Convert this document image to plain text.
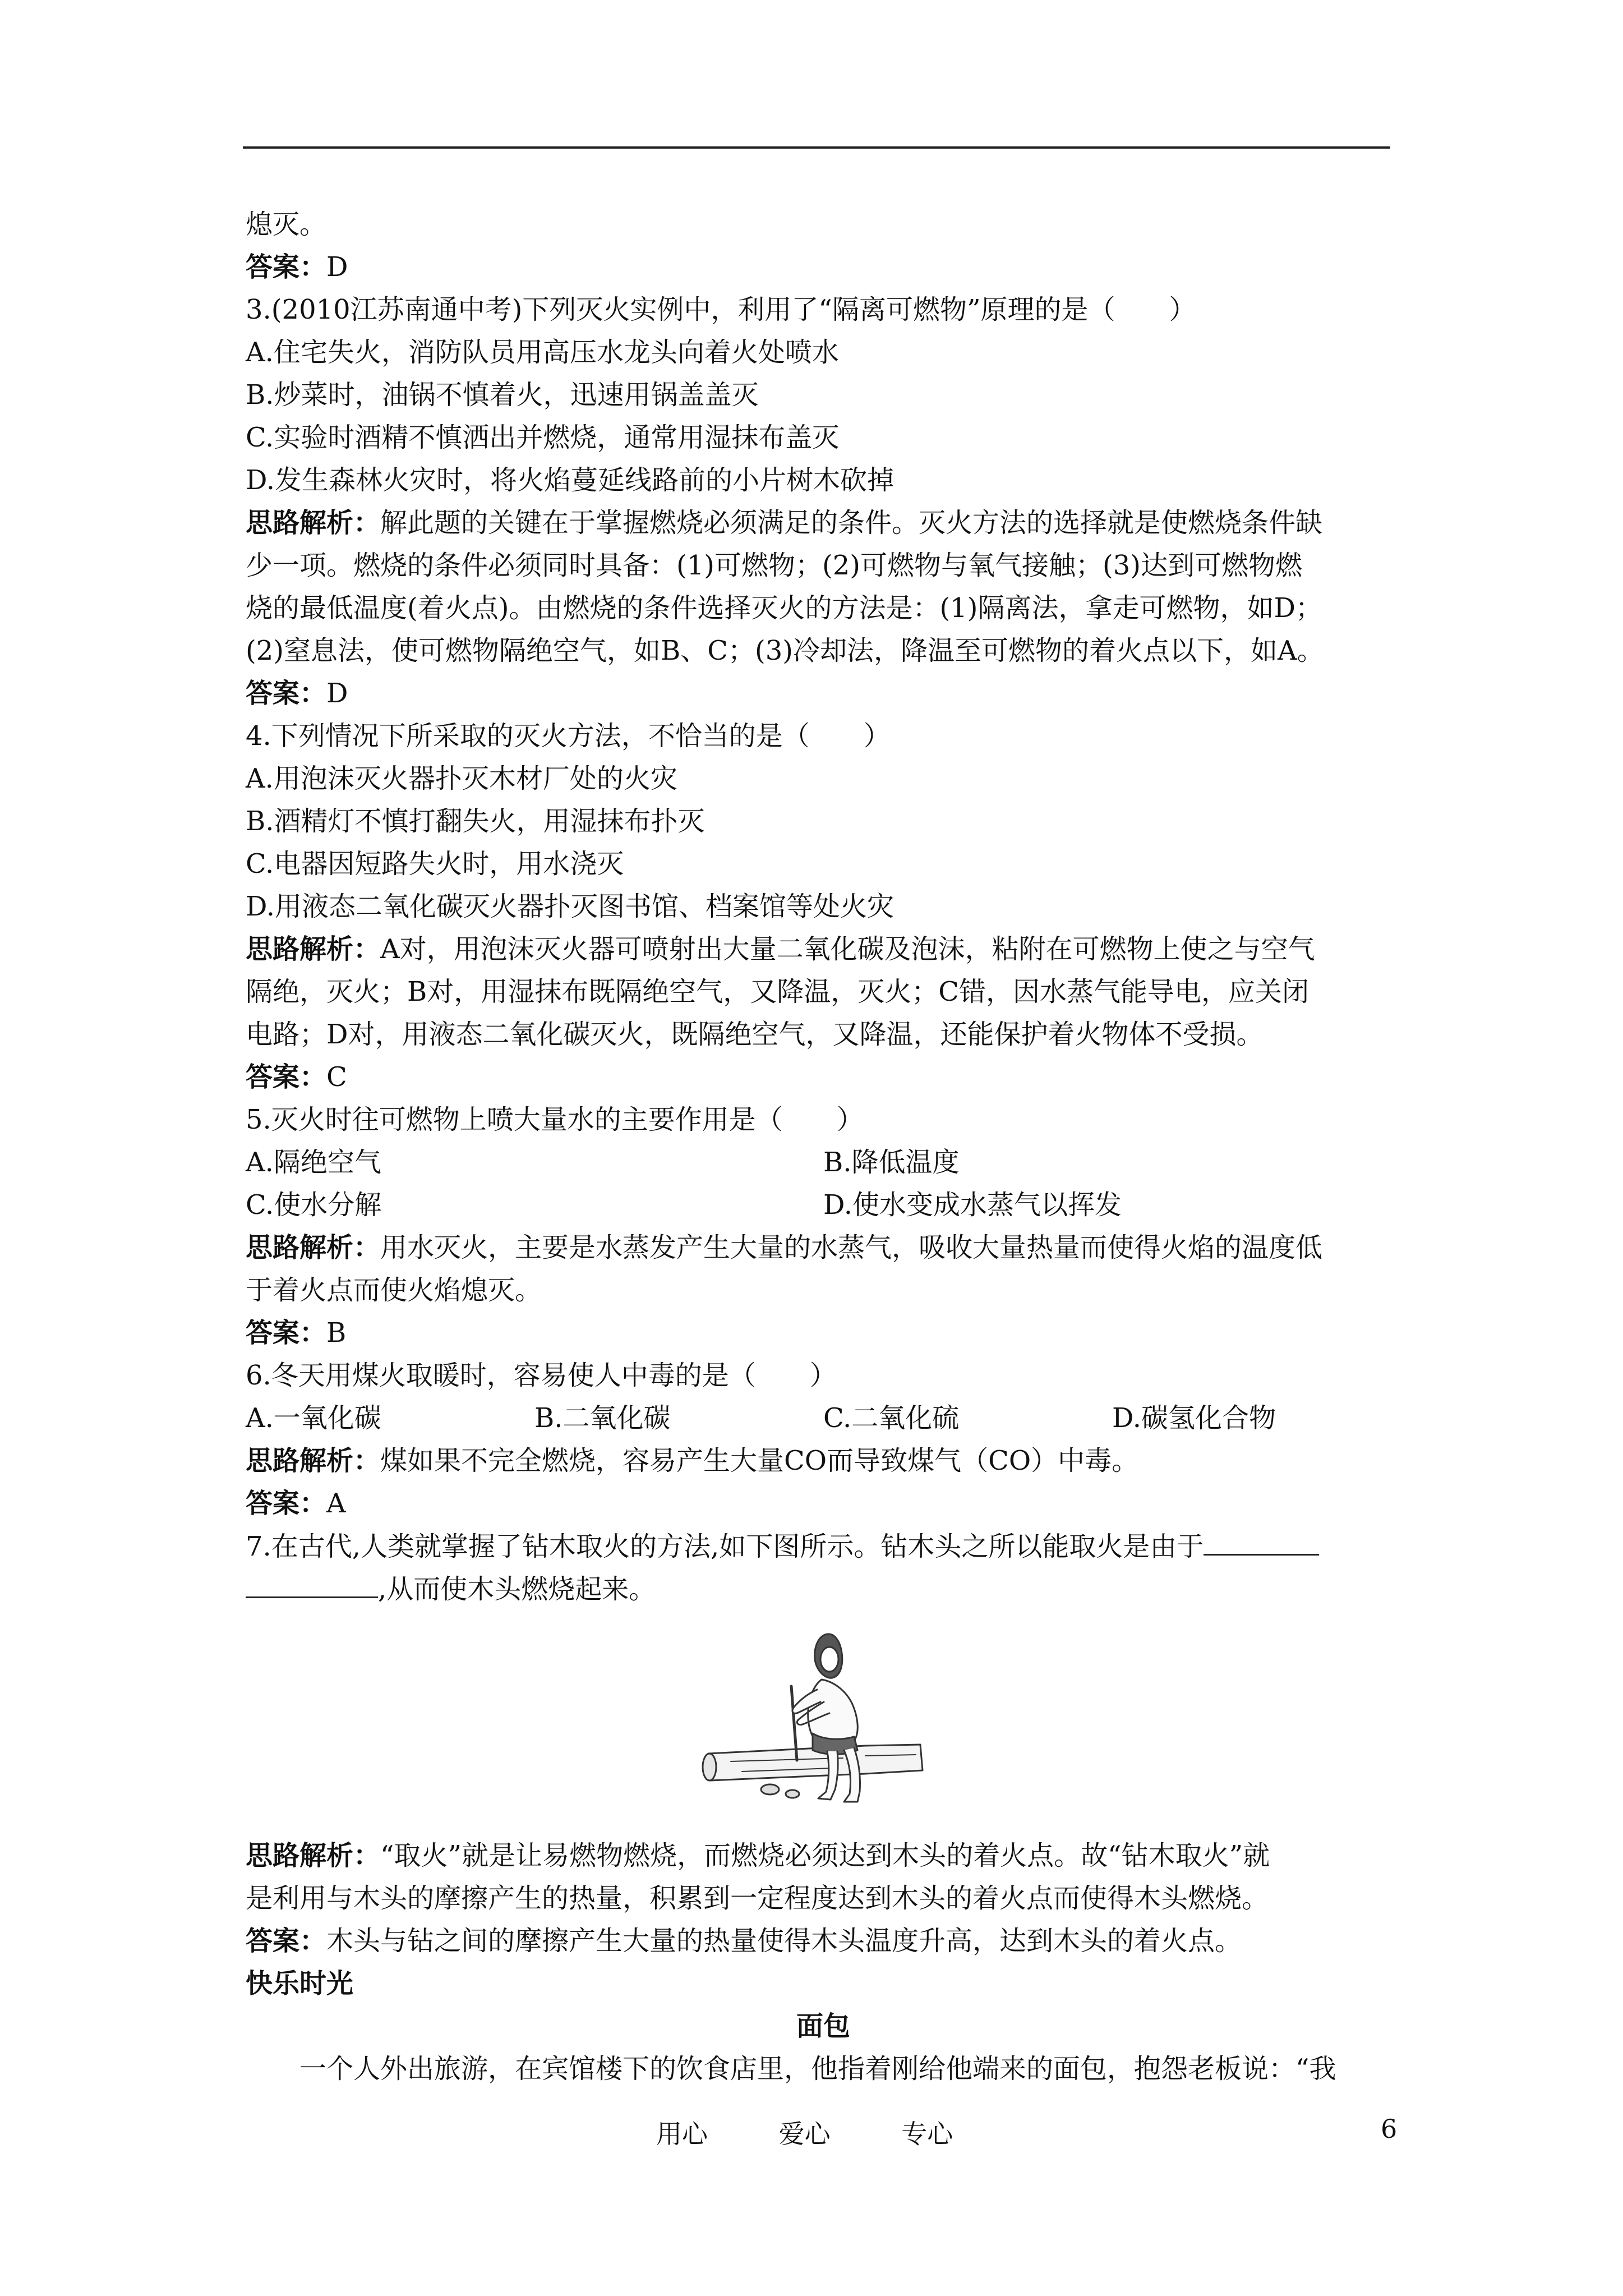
熄灭。
答案：D
3.(2010江苏南通中考)下列灭火实例中，利用了“隔离可燃物”原理的是（　　）
A.住宅失火，消防队员用高压水龙头向着火处喷水
B.炒菜时，油锅不慎着火，迅速用锅盖盖灭
C.实验时酒精不慎洒出并燃烧，通常用湿抹布盖灭
D.发生森林火灾时，将火焰蔓延线路前的小片树木砍掉
思路解析：解此题的关键在于掌握燃烧必须满足的条件。灭火方法的选择就是使燃烧条件缺
少一项。燃烧的条件必须同时具备：(1)可燃物；(2)可燃物与氧气接触；(3)达到可燃物燃
烧的最低温度(着火点)。由燃烧的条件选择灭火的方法是：(1)隔离法，拿走可燃物，如D；
(2)窒息法，使可燃物隔绝空气，如B、C；(3)冷却法，降温至可燃物的着火点以下，如A。
答案：D
4.下列情况下所采取的灭火方法，不恰当的是（　　）
A.用泡沫灭火器扑灭木材厂处的火灾
B.酒精灯不慎打翻失火，用湿抹布扑灭
C.电器因短路失火时，用水浇灭
D.用液态二氧化碳灭火器扑灭图书馆、档案馆等处火灾
思路解析：A对，用泡沫灭火器可喷射出大量二氧化碳及泡沫，粘附在可燃物上使之与空气
隔绝，灭火；B对，用湿抹布既隔绝空气，又降温，灭火；C错，因水蒸气能导电，应关闭
电路；D对，用液态二氧化碳灭火，既隔绝空气，又降温，还能保护着火物体不受损。
答案：C
5.灭火时往可燃物上喷大量水的主要作用是（　　）
A.隔绝空气	B.降低温度
C.使水分解	D.使水变成水蒸气以挥发
思路解析：用水灭火，主要是水蒸发产生大量的水蒸气，吸收大量热量而使得火焰的温度低
于着火点而使火焰熄灭。
答案：B
6.冬天用煤火取暖时，容易使人中毒的是（　　）
A.一氧化碳	B.二氧化碳	C.二氧化硫	D.碳氢化合物
思路解析：煤如果不完全燃烧，容易产生大量CO而导致煤气（CO）中毒。
答案：A
7.在古代,人类就掌握了钻木取火的方法,如下图所示。钻木头之所以能取火是由于
,从而使木头燃烧起来。
思路解析：“取火”就是让易燃物燃烧，而燃烧必须达到木头的着火点。故“钻木取火”就
是利用与木头的摩擦产生的热量，积累到一定程度达到木头的着火点而使得木头燃烧。
答案：木头与钻之间的摩擦产生大量的热量使得木头温度升高，达到木头的着火点。
快乐时光
面包
一个人外出旅游，在宾馆楼下的饮食店里，他指着刚给他端来的面包，抱怨老板说：“我
用心	爱心	专心	6
